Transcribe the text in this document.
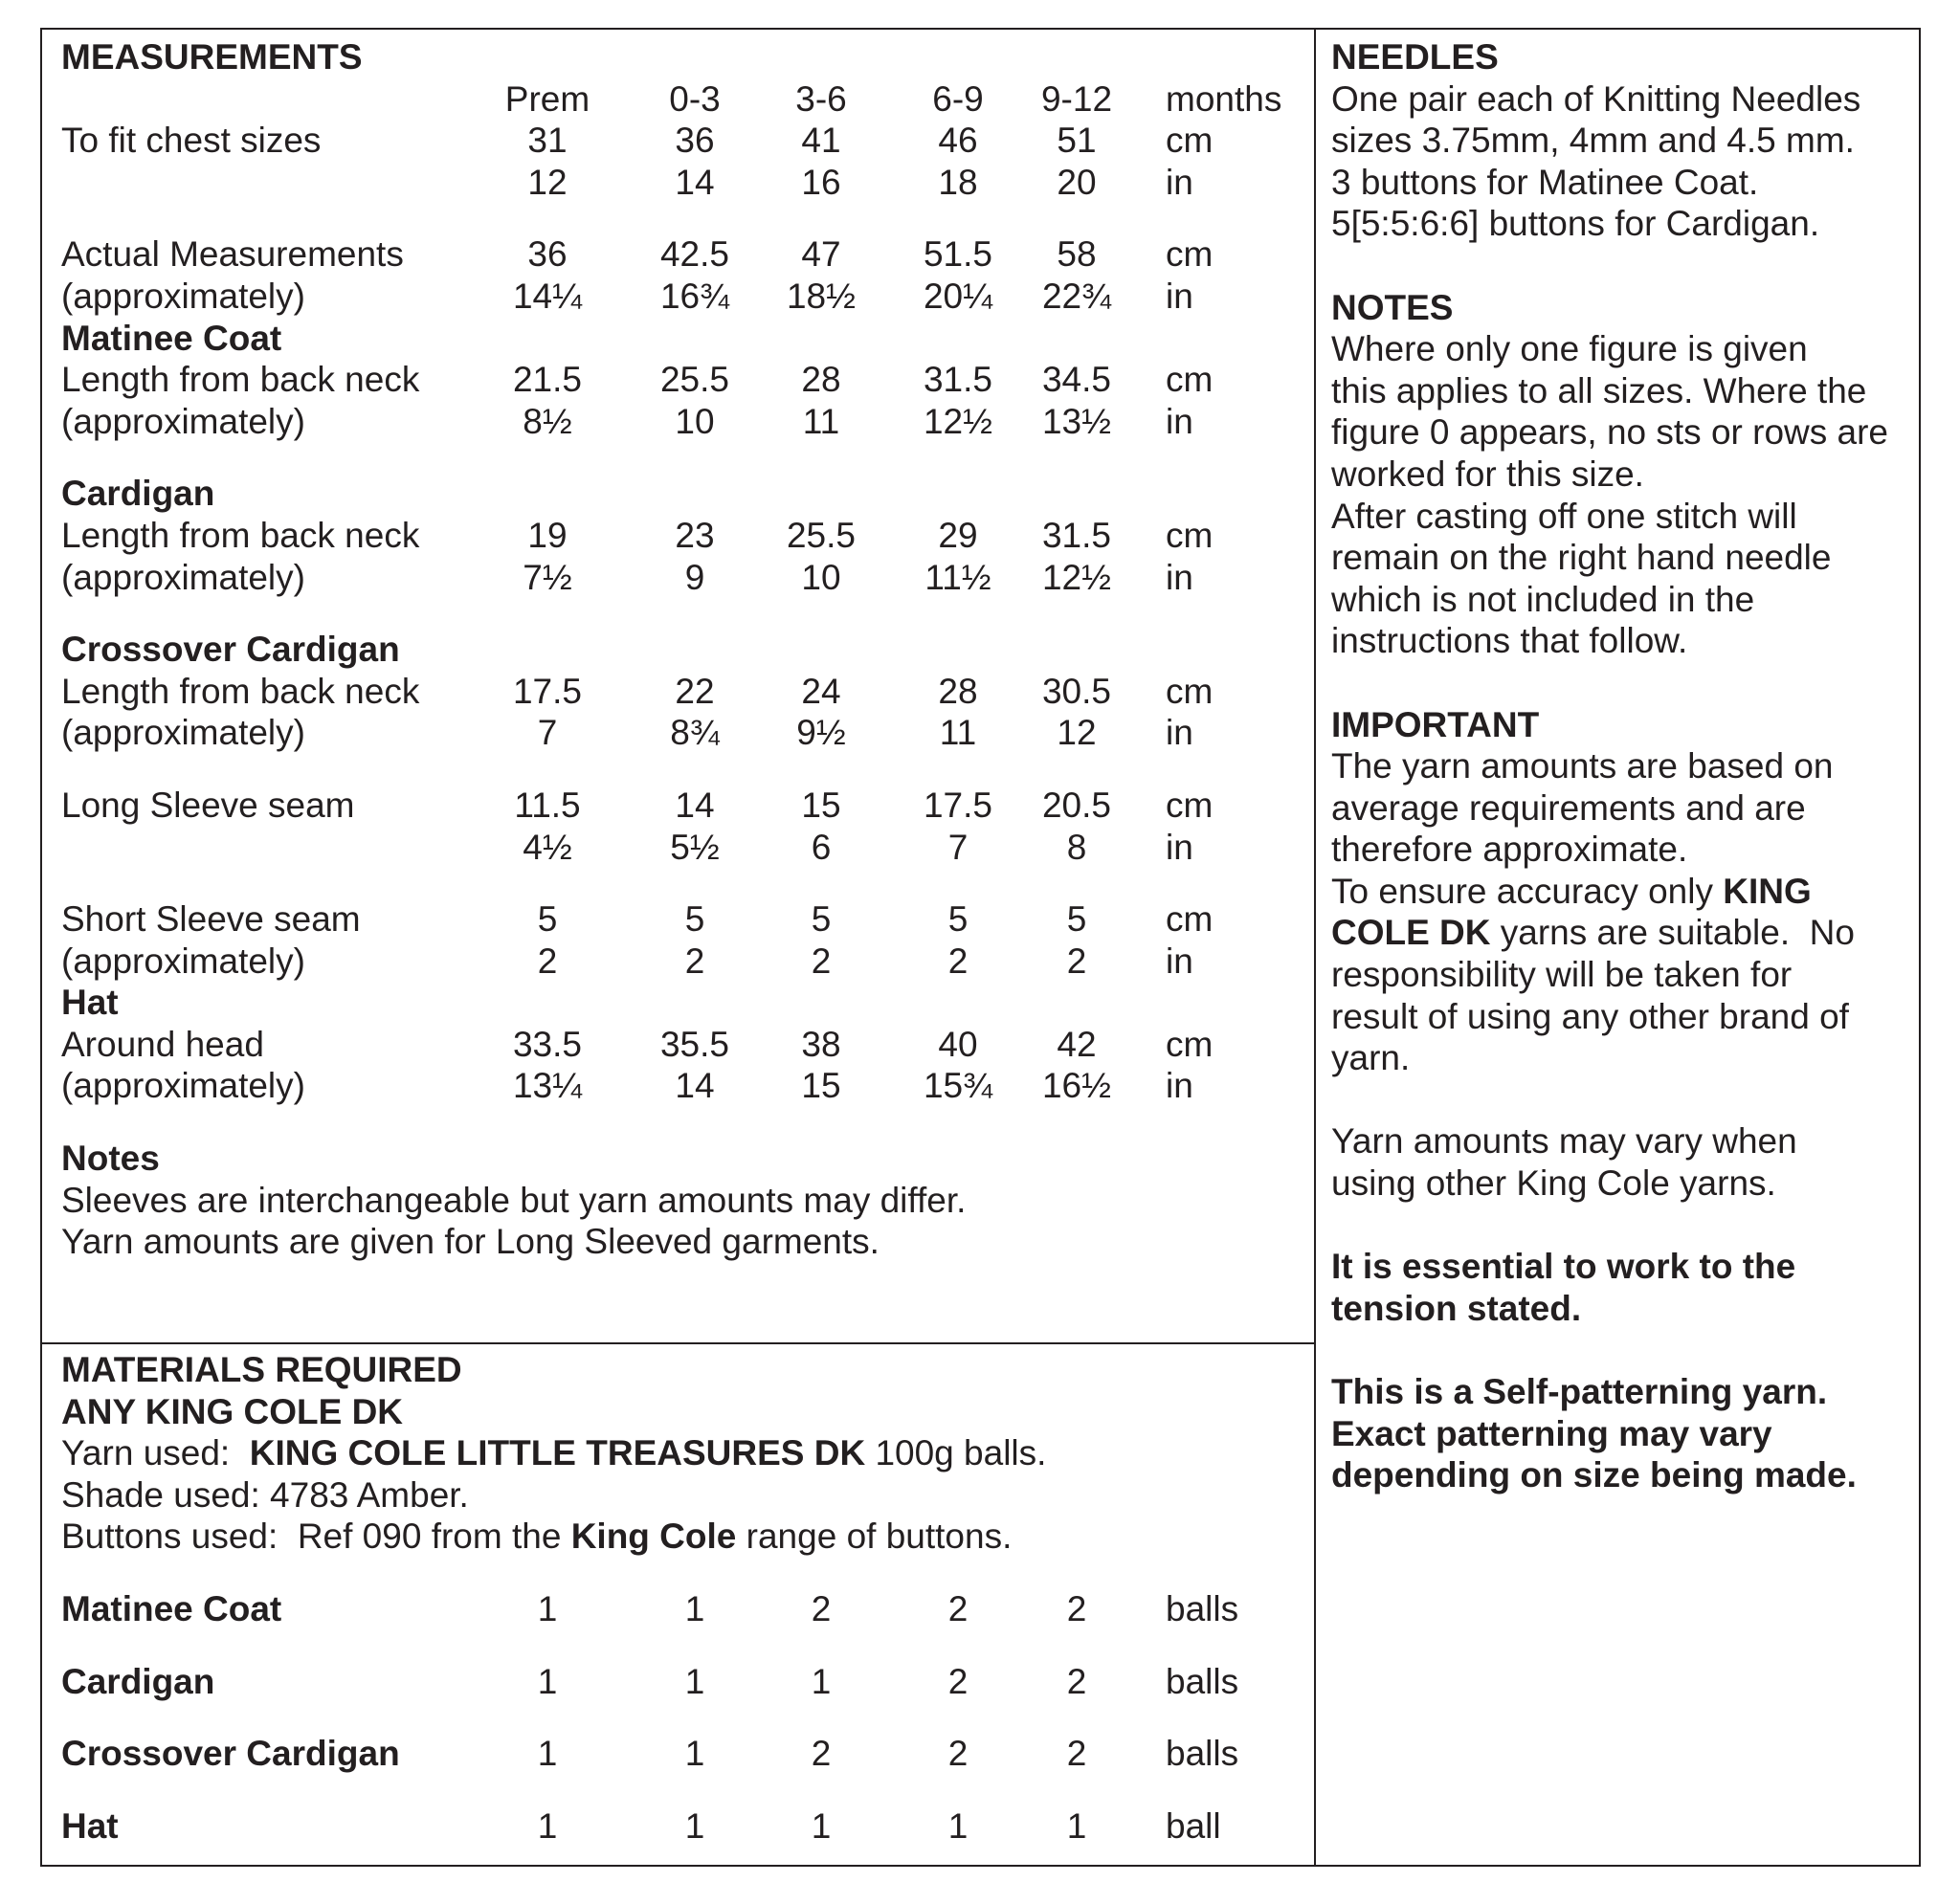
MEASUREMENTS
Prem	0-3	3-6	6-9	9-12	months
To fit chest sizes	31	36	41	46	51	cm
12	14	16	18	20	in
Actual Measurements	36	42.5	47	51.5	58	cm
(approximately)	14¼	16¾	18½	20¼	22¾	in
Matinee Coat
Length from back neck	21.5	25.5	28	31.5	34.5	cm
(approximately)	8½	10	11	12½	13½	in
Cardigan
Length from back neck	19	23	25.5	29	31.5	cm
(approximately)	7½	9	10	11½	12½	in
Crossover Cardigan
Length from back neck	17.5	22	24	28	30.5	cm
(approximately)	7	8¾	9½	11	12	in
Long Sleeve seam	11.5	14	15	17.5	20.5	cm
4½	5½	6	7	8	in
Short Sleeve seam	5	5	5	5	5	cm
(approximately)	2	2	2	2	2	in
Hat
Around head	33.5	35.5	38	40	42	cm
(approximately)	13¼	14	15	15¾	16½	in
Notes
Sleeves are interchangeable but yarn amounts may differ.
Yarn amounts are given for Long Sleeved garments.
MATERIALS REQUIRED
ANY KING COLE DK
Yarn used:  KING COLE LITTLE TREASURES DK 100g balls.
Shade used: 4783 Amber.
Buttons used:  Ref 090 from the King Cole range of buttons.
Matinee Coat	1	1	2	2	2	balls
Cardigan	1	1	1	2	2	balls
Crossover Cardigan	1	1	2	2	2	balls
Hat	1	1	1	1	1	ball
NEEDLES
One pair each of Knitting Needles
sizes 3.75mm, 4mm and 4.5 mm.
3 buttons for Matinee Coat.
5[5:5:6:6] buttons for Cardigan.
NOTES
Where only one figure is given
this applies to all sizes. Where the
figure 0 appears, no sts or rows are
worked for this size.
After casting off one stitch will
remain on the right hand needle
which is not included in the
instructions that follow.
IMPORTANT
The yarn amounts are based on
average requirements and are
therefore approximate.
To ensure accuracy only KING
COLE DK yarns are suitable.  No
responsibility will be taken for
result of using any other brand of
yarn.
Yarn amounts may vary when
using other King Cole yarns.
It is essential to work to the
tension stated.
This is a Self-patterning yarn.
Exact patterning may vary
depending on size being made.
